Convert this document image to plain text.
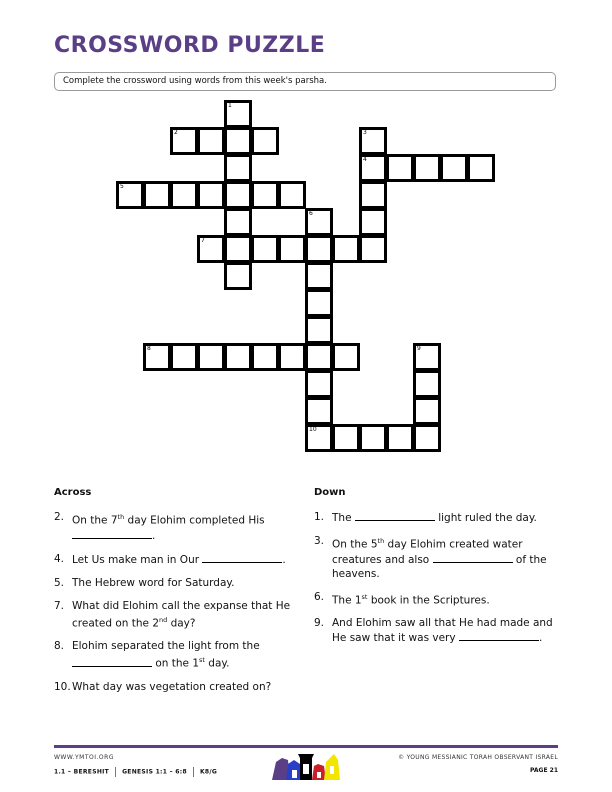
CROSSWORD PUZZLE
Complete the crossword using words from this week's parsha.
1
2	3
4
5
6
10
7
8	9
Across
2. On the 7th day Elohim completed His .
4. Let Us make man in Our	.
5. The Hebrew word for Saturday.
7. What did Elohim call the expanse that He created on the 2nd day?
8. Elohim separated the light from the  on the 1st day.
10. What day was vegetation created on?
Down
1. The	light ruled the day.
3. On the 5th day Elohim created water creatures and also	of the heavens.
6. The 1st book in the Scriptures.
9. And Elohim saw all that He had made and He saw that it was very	.
WWW.YMTOI.ORG
1.1 – BERESHIT GENESIS 1:1 – 6:8 K8/G
© YOUNG MESSIANIC TORAH OBSERVANT ISRAEL
PAGE 21
